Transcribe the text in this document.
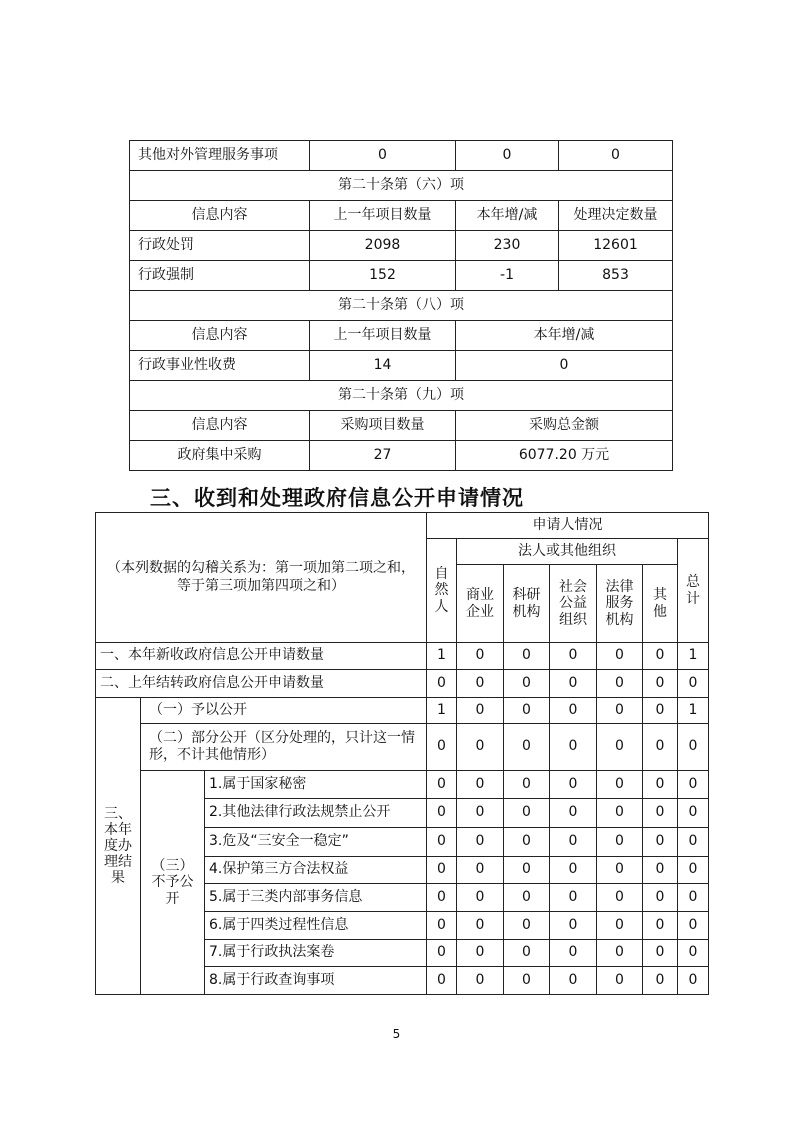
其他对外管理服务事项	0	0	0
第二十条第（六）项			
信息内容	上一年项目数量	本年增/减	处理决定数量
行政处罚	2098	230	12601
行政强制	152	-1	853
第二十条第（八）项			
信息内容	上一年项目数量	本年增/减	
行政事业性收费	14	0	
第二十条第（九）项			
信息内容	采购项目数量	采购总金额	
政府集中采购	27	6077.20 万元	
三、收到和处理政府信息公开申请情况
（本列数据的勾稽关系为：第一项加第二项之和，等于第三项加第四项之和）			申请人情况						
			自然人	法人或其他组织					总计
				商业企业	科研机构	社会公益组织	法律服务机构	其他	
一、本年新收政府信息公开申请数量			1	0	0	0	0	0	1
二、上年结转政府信息公开申请数量			0	0	0	0	0	0	0
三、本年度办理结果	（一）予以公开		1	0	0	0	0	0	1
	（二）部分公开（区分处理的，只计这一情形，不计其他情形）		0	0	0	0	0	0	0
	（三）不予公开	1.属于国家秘密	0	0	0	0	0	0	0
		2.其他法律行政法规禁止公开	0	0	0	0	0	0	0
		3.危及“三安全一稳定”	0	0	0	0	0	0	0
		4.保护第三方合法权益	0	0	0	0	0	0	0
		5.属于三类内部事务信息	0	0	0	0	0	0	0
		6.属于四类过程性信息	0	0	0	0	0	0	0
		7.属于行政执法案卷	0	0	0	0	0	0	0
		8.属于行政查询事项	0	0	0	0	0	0	0
5
